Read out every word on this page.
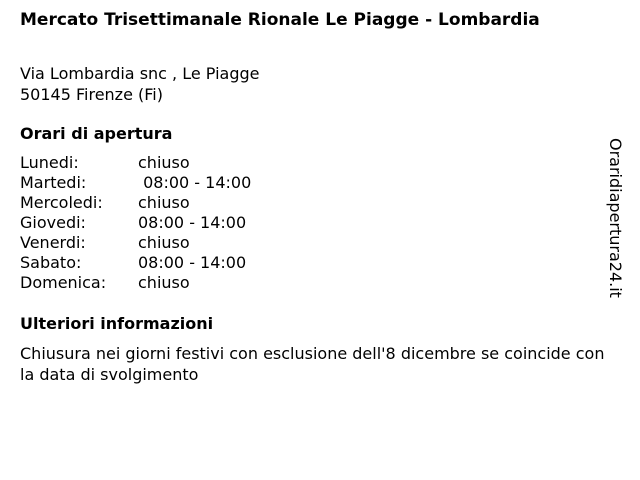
Mercato Trisettimanale Rionale Le Piagge - Lombardia
Via Lombardia snc , Le Piagge
50145 Firenze (Fi)
Orari di apertura
Lunedi:	chiuso
Martedi:	08:00 - 14:00
Mercoledi: chiuso
Giovedi:	08:00 - 14:00
Venerdi:	chiuso
Sabato:	08:00 - 14:00
Domenica: chiuso
Ulteriori informazioni
Chiusura nei giorni festivi con esclusione dell'8 dicembre se coincide con la data di svolgimento
Oraridiapertura24.it
